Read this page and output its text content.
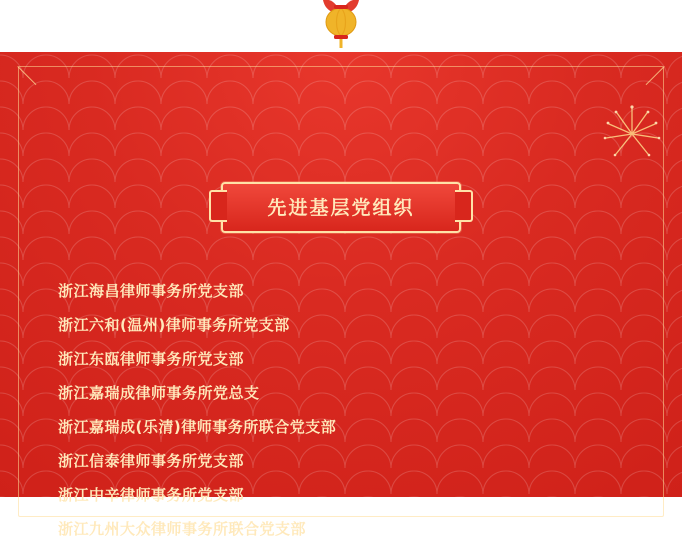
先进基层党组织
浙江海昌律师事务所党支部
浙江六和(温州)律师事务所党支部
浙江东瓯律师事务所党支部
浙江嘉瑞成律师事务所党总支
浙江嘉瑞成(乐清)律师事务所联合党支部
浙江信泰律师事务所党支部
浙江中辛律师事务所党支部
浙江九州大众律师事务所联合党支部
